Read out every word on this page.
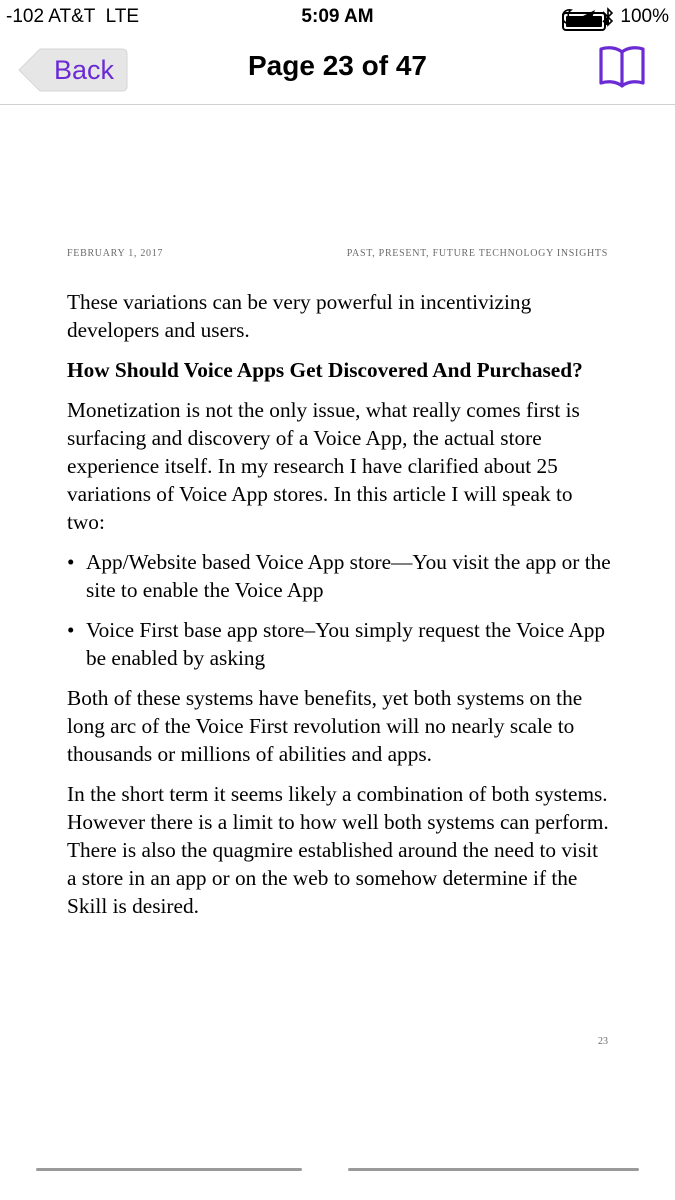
-102 AT&T  LTE	5:09 AM	100%
Back	Page 23 of 47
FEBRUARY 1, 2017	PAST, PRESENT, FUTURE TECHNOLOGY INSIGHTS

These variations can be very powerful in incentivizing developers and users.

How Should Voice Apps Get Discovered And Purchased?

Monetization is not the only issue, what really comes first is surfacing and discovery of a Voice App, the actual store experience itself. In my research I have clarified about 25 variations of Voice App stores. In this article I will speak to two:

• App/Website based Voice App store—You visit the app or the site to enable the Voice App
• Voice First base app store–You simply request the Voice App be enabled by asking

Both of these systems have benefits, yet both systems on the long arc of the Voice First revolution will no nearly scale to thousands or millions of abilities and apps.

In the short term it seems likely a combination of both systems. However there is a limit to how well both systems can perform. There is also the quagmire established around the need to visit a store in an app or on the web to somehow determine if the Skill is desired.

23
